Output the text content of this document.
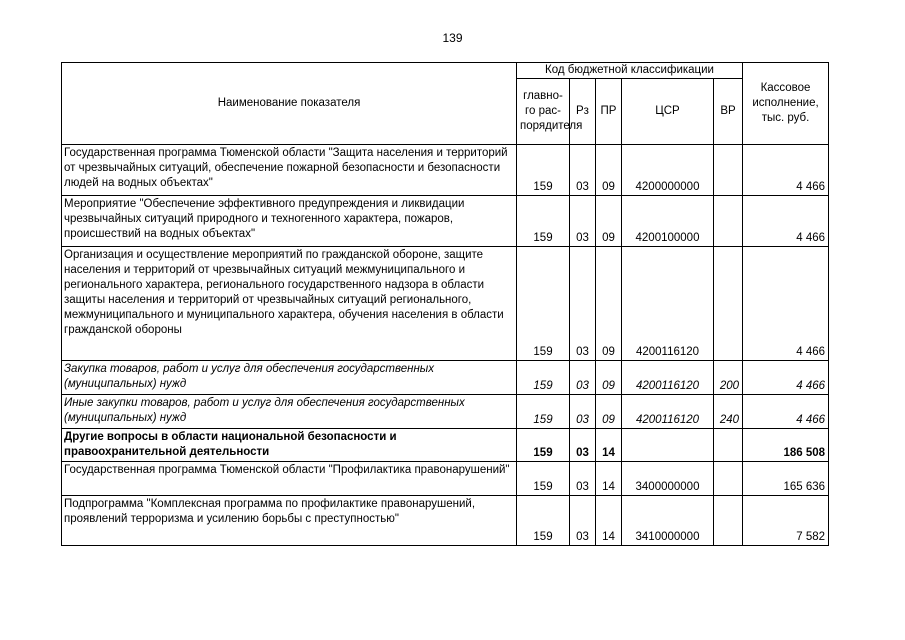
139
Наименование показателя	Код бюджетной классификации					Кассовое исполнение, тыс. руб.
	главно-го рас-порядителя	Рз	ПР	ЦСР	ВР	
Государственная программа Тюменской области "Защита населения и территорий от чрезвычайных ситуаций, обеспечение пожарной безопасности и безопасности людей на водных объектах"	159	03	09	4200000000		4 466
Мероприятие "Обеспечение эффективного предупреждения и ликвидации чрезвычайных ситуаций природного и техногенного характера, пожаров, происшествий на водных объектах"	159	03	09	4200100000		4 466
Организация и осуществление мероприятий по гражданской обороне, защите населения и территорий от чрезвычайных ситуаций межмуниципального и регионального характера, регионального государственного надзора в области защиты населения и территорий от чрезвычайных ситуаций регионального, межмуниципального и муниципального характера, обучения населения в области гражданской обороны	159	03	09	4200116120		4 466
Закупка товаров, работ и услуг для обеспечения государственных (муниципальных) нужд	159	03	09	4200116120	200	4 466
Иные закупки товаров, работ и услуг для обеспечения государственных (муниципальных) нужд	159	03	09	4200116120	240	4 466
Другие вопросы в области национальной безопасности и правоохранительной деятельности	159	03	14			186 508
Государственная программа Тюменской области "Профилактика правонарушений"	159	03	14	3400000000		165 636
Подпрограмма "Комплексная программа по профилактике правонарушений, проявлений терроризма и усилению борьбы с преступностью"	159	03	14	3410000000		7 582
